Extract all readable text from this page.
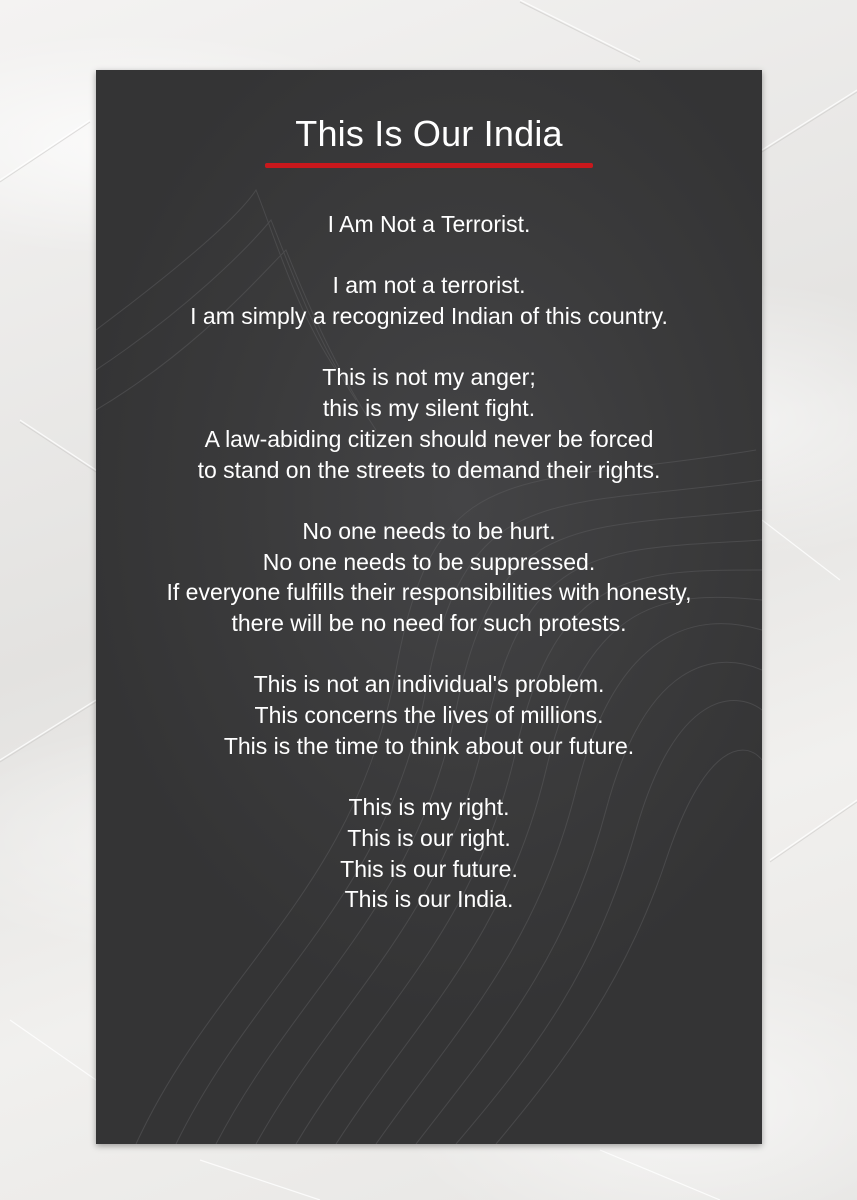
This Is Our India
I Am Not a Terrorist.
I am not a terrorist.
I am simply a recognized Indian of this country.
This is not my anger;
this is my silent fight.
A law-abiding citizen should never be forced
to stand on the streets to demand their rights.
No one needs to be hurt.
No one needs to be suppressed.
If everyone fulfills their responsibilities with honesty,
there will be no need for such protests.
This is not an individual's problem.
This concerns the lives of millions.
This is the time to think about our future.
This is my right.
This is our right.
This is our future.
This is our India.
